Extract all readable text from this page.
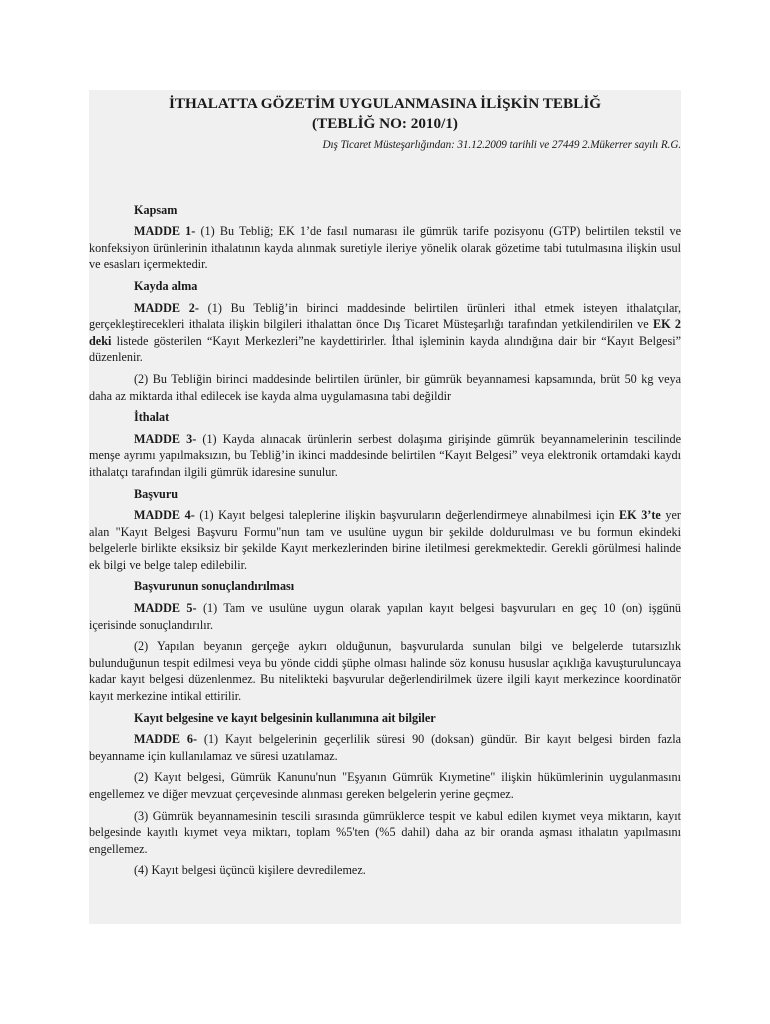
İTHALATTA GÖZETİM UYGULANMASINA İLİŞKİN TEBLİĞ
(TEBLİĞ NO: 2010/1)
Dış Ticaret Müsteşarlığından: 31.12.2009 tarihli ve 27449 2.Mükerrer sayılı R.G.
Kapsam

MADDE 1- (1) Bu Tebliğ; EK 1’de fasıl numarası ile gümrük tarife pozisyonu (GTP) belirtilen tekstil ve konfeksiyon ürünlerinin ithalatının kayda alınmak suretiyle ileriye yönelik olarak gözetime tabi tutulmasına ilişkin usul ve esasları içermektedir.

Kayda alma

MADDE 2- (1) Bu Tebliğ’in birinci maddesinde belirtilen ürünleri ithal etmek isteyen ithalatçılar, gerçekleştirecekleri ithalata ilişkin bilgileri ithalattan önce Dış Ticaret Müsteşarlığı tarafından yetkilendirilen ve EK 2 deki listede gösterilen “Kayıt Merkezleri”ne kaydettirirler. İthal işleminin kayda alındığına dair bir “Kayıt Belgesi” düzenlenir.

(2) Bu Tebliğin birinci maddesinde belirtilen ürünler, bir gümrük beyannamesi kapsamında, brüt 50 kg veya daha az miktarda ithal edilecek ise kayda alma uygulamasına tabi değildir

İthalat

MADDE 3- (1) Kayda alınacak ürünlerin serbest dolaşıma girişinde gümrük beyannamelerinin tescilinde menşe ayrımı yapılmaksızın, bu Tebliğ’in ikinci maddesinde belirtilen “Kayıt Belgesi” veya elektronik ortamdaki kaydı ithalatçı tarafından ilgili gümrük idaresine sunulur.

Başvuru

MADDE 4- (1) Kayıt belgesi taleplerine ilişkin başvuruların değerlendirmeye alınabilmesi için EK 3’te yer alan "Kayıt Belgesi Başvuru Formu"nun tam ve usulüne uygun bir şekilde doldurulması ve bu formun ekindeki belgelerle birlikte eksiksiz bir şekilde Kayıt merkezlerinden birine iletilmesi gerekmektedir. Gerekli görülmesi halinde ek bilgi ve belge talep edilebilir.

Başvurunun sonuçlandırılması

MADDE 5- (1) Tam ve usulüne uygun olarak yapılan kayıt belgesi başvuruları en geç 10 (on) işgünü içerisinde sonuçlandırılır.

(2) Yapılan beyanın gerçeğe aykırı olduğunun, başvurularda sunulan bilgi ve belgelerde tutarsızlık bulunduğunun tespit edilmesi veya bu yönde ciddi şüphe olması halinde söz konusu hususlar açıklığa kavuşturuluncaya kadar kayıt belgesi düzenlenmez. Bu nitelikteki başvurular değerlendirilmek üzere ilgili kayıt merkezince koordinatör kayıt merkezine intikal ettirilir.

Kayıt belgesine ve kayıt belgesinin kullanımına ait bilgiler

MADDE 6- (1) Kayıt belgelerinin geçerlilik süresi 90 (doksan) gündür. Bir kayıt belgesi birden fazla beyanname için kullanılamaz ve süresi uzatılamaz.

(2) Kayıt belgesi, Gümrük Kanunu'nun "Eşyanın Gümrük Kıymetine" ilişkin hükümlerinin uygulanmasını engellemez ve diğer mevzuat çerçevesinde alınması gereken belgelerin yerine geçmez.

(3) Gümrük beyannamesinin tescili sırasında gümrüklerce tespit ve kabul edilen kıymet veya miktarın, kayıt belgesinde kayıtlı kıymet veya miktarı, toplam %5'ten (%5 dahil) daha az bir oranda aşması ithalatın yapılmasını engellemez.

(4) Kayıt belgesi üçüncü kişilere devredilemez.
